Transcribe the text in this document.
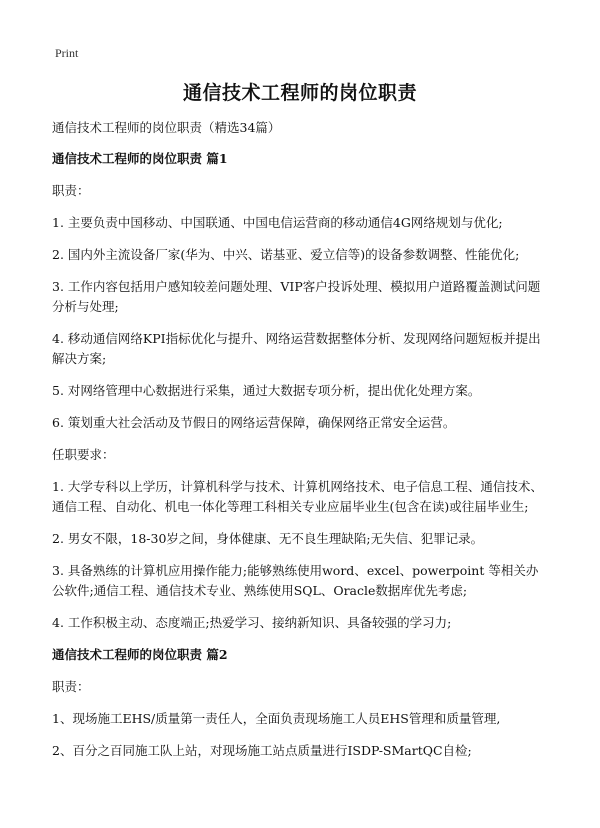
Print
通信技术工程师的岗位职责

通信技术工程师的岗位职责（精选34篇）

通信技术工程师的岗位职责 篇1

职责：

1. 主要负责中国移动、中国联通、中国电信运营商的移动通信4G网络规划与优化;

2. 国内外主流设备厂家(华为、中兴、诺基亚、爱立信等)的设备参数调整、性能优化;

3. 工作内容包括用户感知较差问题处理、VIP客户投诉处理、模拟用户道路覆盖测试问题分析与处理;

4. 移动通信网络KPI指标优化与提升、网络运营数据整体分析、发现网络问题短板并提出解决方案;

5. 对网络管理中心数据进行采集，通过大数据专项分析，提出优化处理方案。

6. 策划重大社会活动及节假日的网络运营保障，确保网络正常安全运营。

任职要求：

1. 大学专科以上学历，计算机科学与技术、计算机网络技术、电子信息工程、通信技术、通信工程、自动化、机电一体化等理工科相关专业应届毕业生(包含在读)或往届毕业生;

2. 男女不限，18-30岁之间，身体健康、无不良生理缺陷;无失信、犯罪记录。

3. 具备熟练的计算机应用操作能力;能够熟练使用word、excel、powerpoint 等相关办公软件;通信工程、通信技术专业、熟练使用SQL、Oracle数据库优先考虑;

4. 工作积极主动、态度端正;热爱学习、接纳新知识、具备较强的学习力;

通信技术工程师的岗位职责 篇2

职责：

1、现场施工EHS/质量第一责任人，全面负责现场施工人员EHS管理和质量管理,

2、百分之百同施工队上站，对现场施工站点质量进行ISDP-SMartQC自检;
